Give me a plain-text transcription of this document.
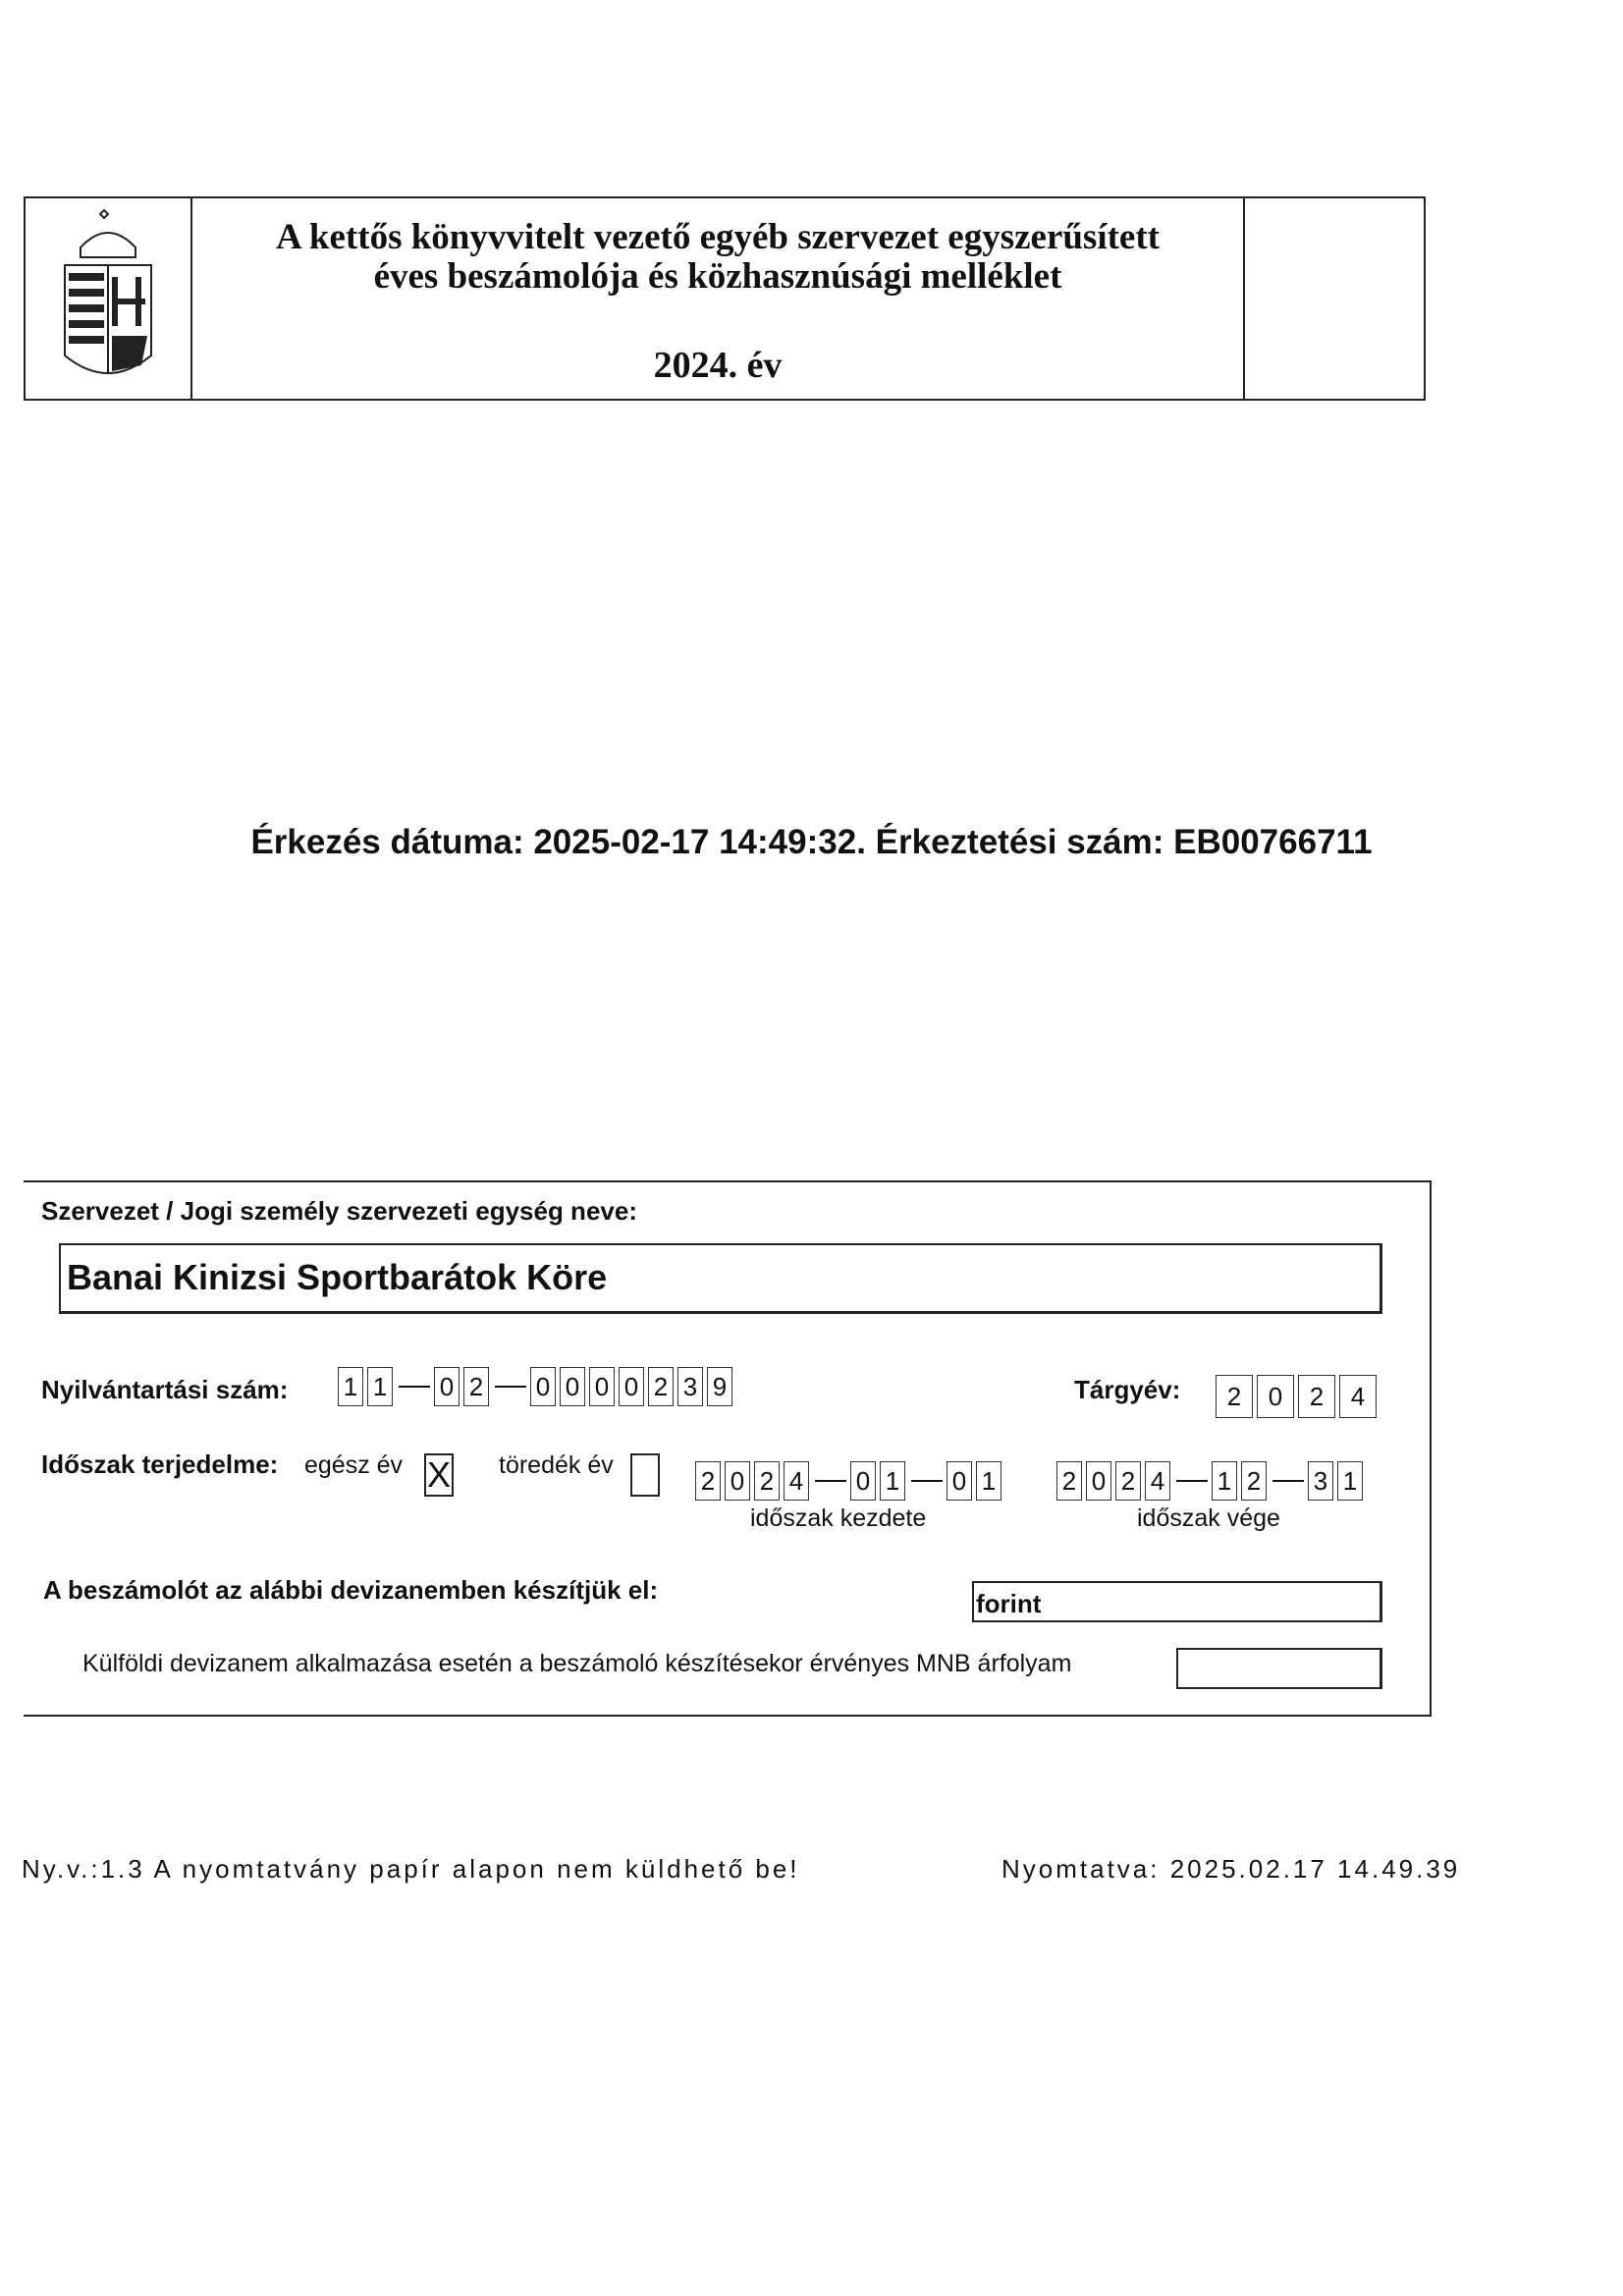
A kettős könyvvitelt vezető egyéb szervezet egyszerűsített
éves beszámolója és közhasznúsági melléklet
2024. év
Érkezés dátuma: 2025-02-17 14:49:32. Érkeztetési szám: EB00766711
Szervezet / Jogi személy szervezeti egység neve:
Banai Kinizsi Sportbarátok Köre
Nyilvántartási szám: 1 1 0 2 0 0 0 0 2 3 9	Tárgyév:	2	0	2	4
Időszak terjedelme: egész év X töredék év
2 0 2 4 0 1 0 1
időszak kezdete
2 0 2 4 1 2 3 1
időszak vége
A beszámolót az alábbi devizanemben készítjük el:	forint
Külföldi devizanem alkalmazása esetén a beszámoló készítésekor érvényes MNB árfolyam
Ny.v.:1.3 A nyomtatvány papír alapon nem küldhető be!	Nyomtatva: 2025.02.17 14.49.39
